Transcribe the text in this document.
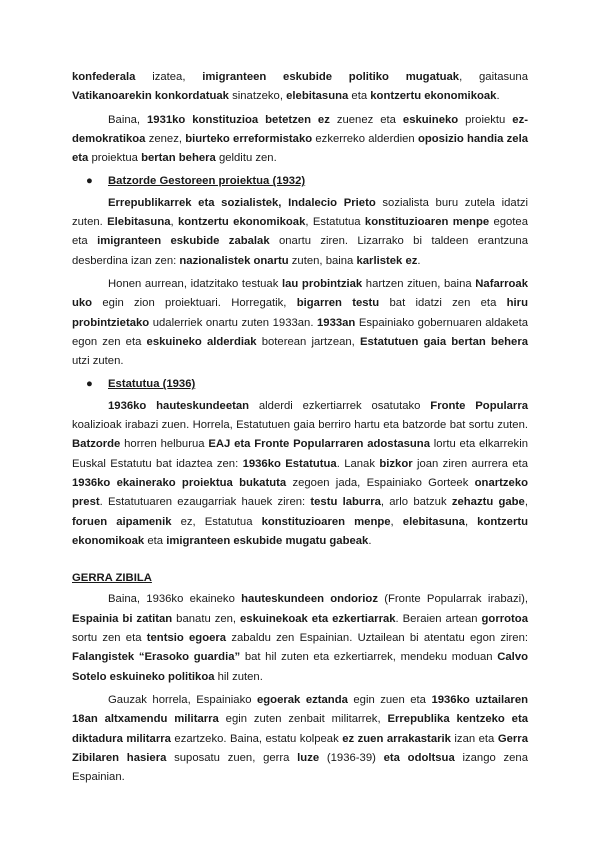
konfederala izatea, imigranteen eskubide politiko mugatuak, gaitasuna Vatikanoarekin konkordatuak sinatzeko, elebitasuna eta kontzertu ekonomikoak.

Baina, 1931ko konstituzioa betetzen ez zuenez eta eskuineko proiektu ez-demokratikoa zenez, biurteko erreformistako ezkerreko alderdien oposizio handia zela eta proiektua bertan behera gelditu zen.

● Batzorde Gestoreen proiektua (1932)

Errepublikarrek eta sozialistek, Indalecio Prieto sozialista buru zutela idatzi zuten. Elebitasuna, kontzertu ekonomikoak, Estatutua konstituzioaren menpe egotea eta imigranteen eskubide zabalak onartu ziren. Lizarrako bi taldeen erantzuna desberdina izan zen: nazionalistek onartu zuten, baina karlistek ez.

Honen aurrean, idatzitako testuak lau probintziak hartzen zituen, baina Nafarroak uko egin zion proiektuari. Horregatik, bigarren testu bat idatzi zen eta hiru probintzietako udalerriek onartu zuten 1933an. 1933an Espainiako gobernuaren aldaketa egon zen eta eskuineko alderdiak boterean jartzean, Estatutuen gaia bertan behera utzi zuten.

● Estatutua (1936)

1936ko hauteskundeetan alderdi ezkertiarrek osatutako Fronte Popularra koalizioak irabazi zuen. Horrela, Estatutuen gaia berriro hartu eta batzorde bat sortu zuten. Batzorde horren helburua EAJ eta Fronte Popularraren adostasuna lortu eta elkarrekin Euskal Estatutu bat idaztea zen: 1936ko Estatutua. Lanak bizkor joan ziren aurrera eta 1936ko ekainerako proiektua bukatuta zegoen jada, Espainiako Gorteek onartzeko prest. Estatutuaren ezaugarriak hauek ziren: testu laburra, arlo batzuk zehaztu gabe, foruen aipamenik ez, Estatutua konstituzioaren menpe, elebitasuna, kontzertu ekonomikoak eta imigranteen eskubide mugatu gabeak.

GERRA ZIBILA

Baina, 1936ko ekaineko hauteskundeen ondorioz (Fronte Popularrak irabazi), Espainia bi zatitan banatu zen, eskuinekoak eta ezkertiarrak. Beraien artean gorrotoa sortu zen eta tentsio egoera zabaldu zen Espainian. Uztailean bi atentatu egon ziren: Falangistek “Erasoko guardia” bat hil zuten eta ezkertiarrek, mendeku moduan Calvo Sotelo eskuineko politikoa hil zuten.

Gauzak horrela, Espainiako egoerak eztanda egin zuen eta 1936ko uztailaren 18an altxamendu militarra egin zuten zenbait militarrek, Errepublika kentzeko eta diktadura militarra ezartzeko. Baina, estatu kolpeak ez zuen arrakastarik izan eta Gerra Zibilaren hasiera suposatu zuen, gerra luze (1936-39) eta odoltsua izango zena Espainian.
